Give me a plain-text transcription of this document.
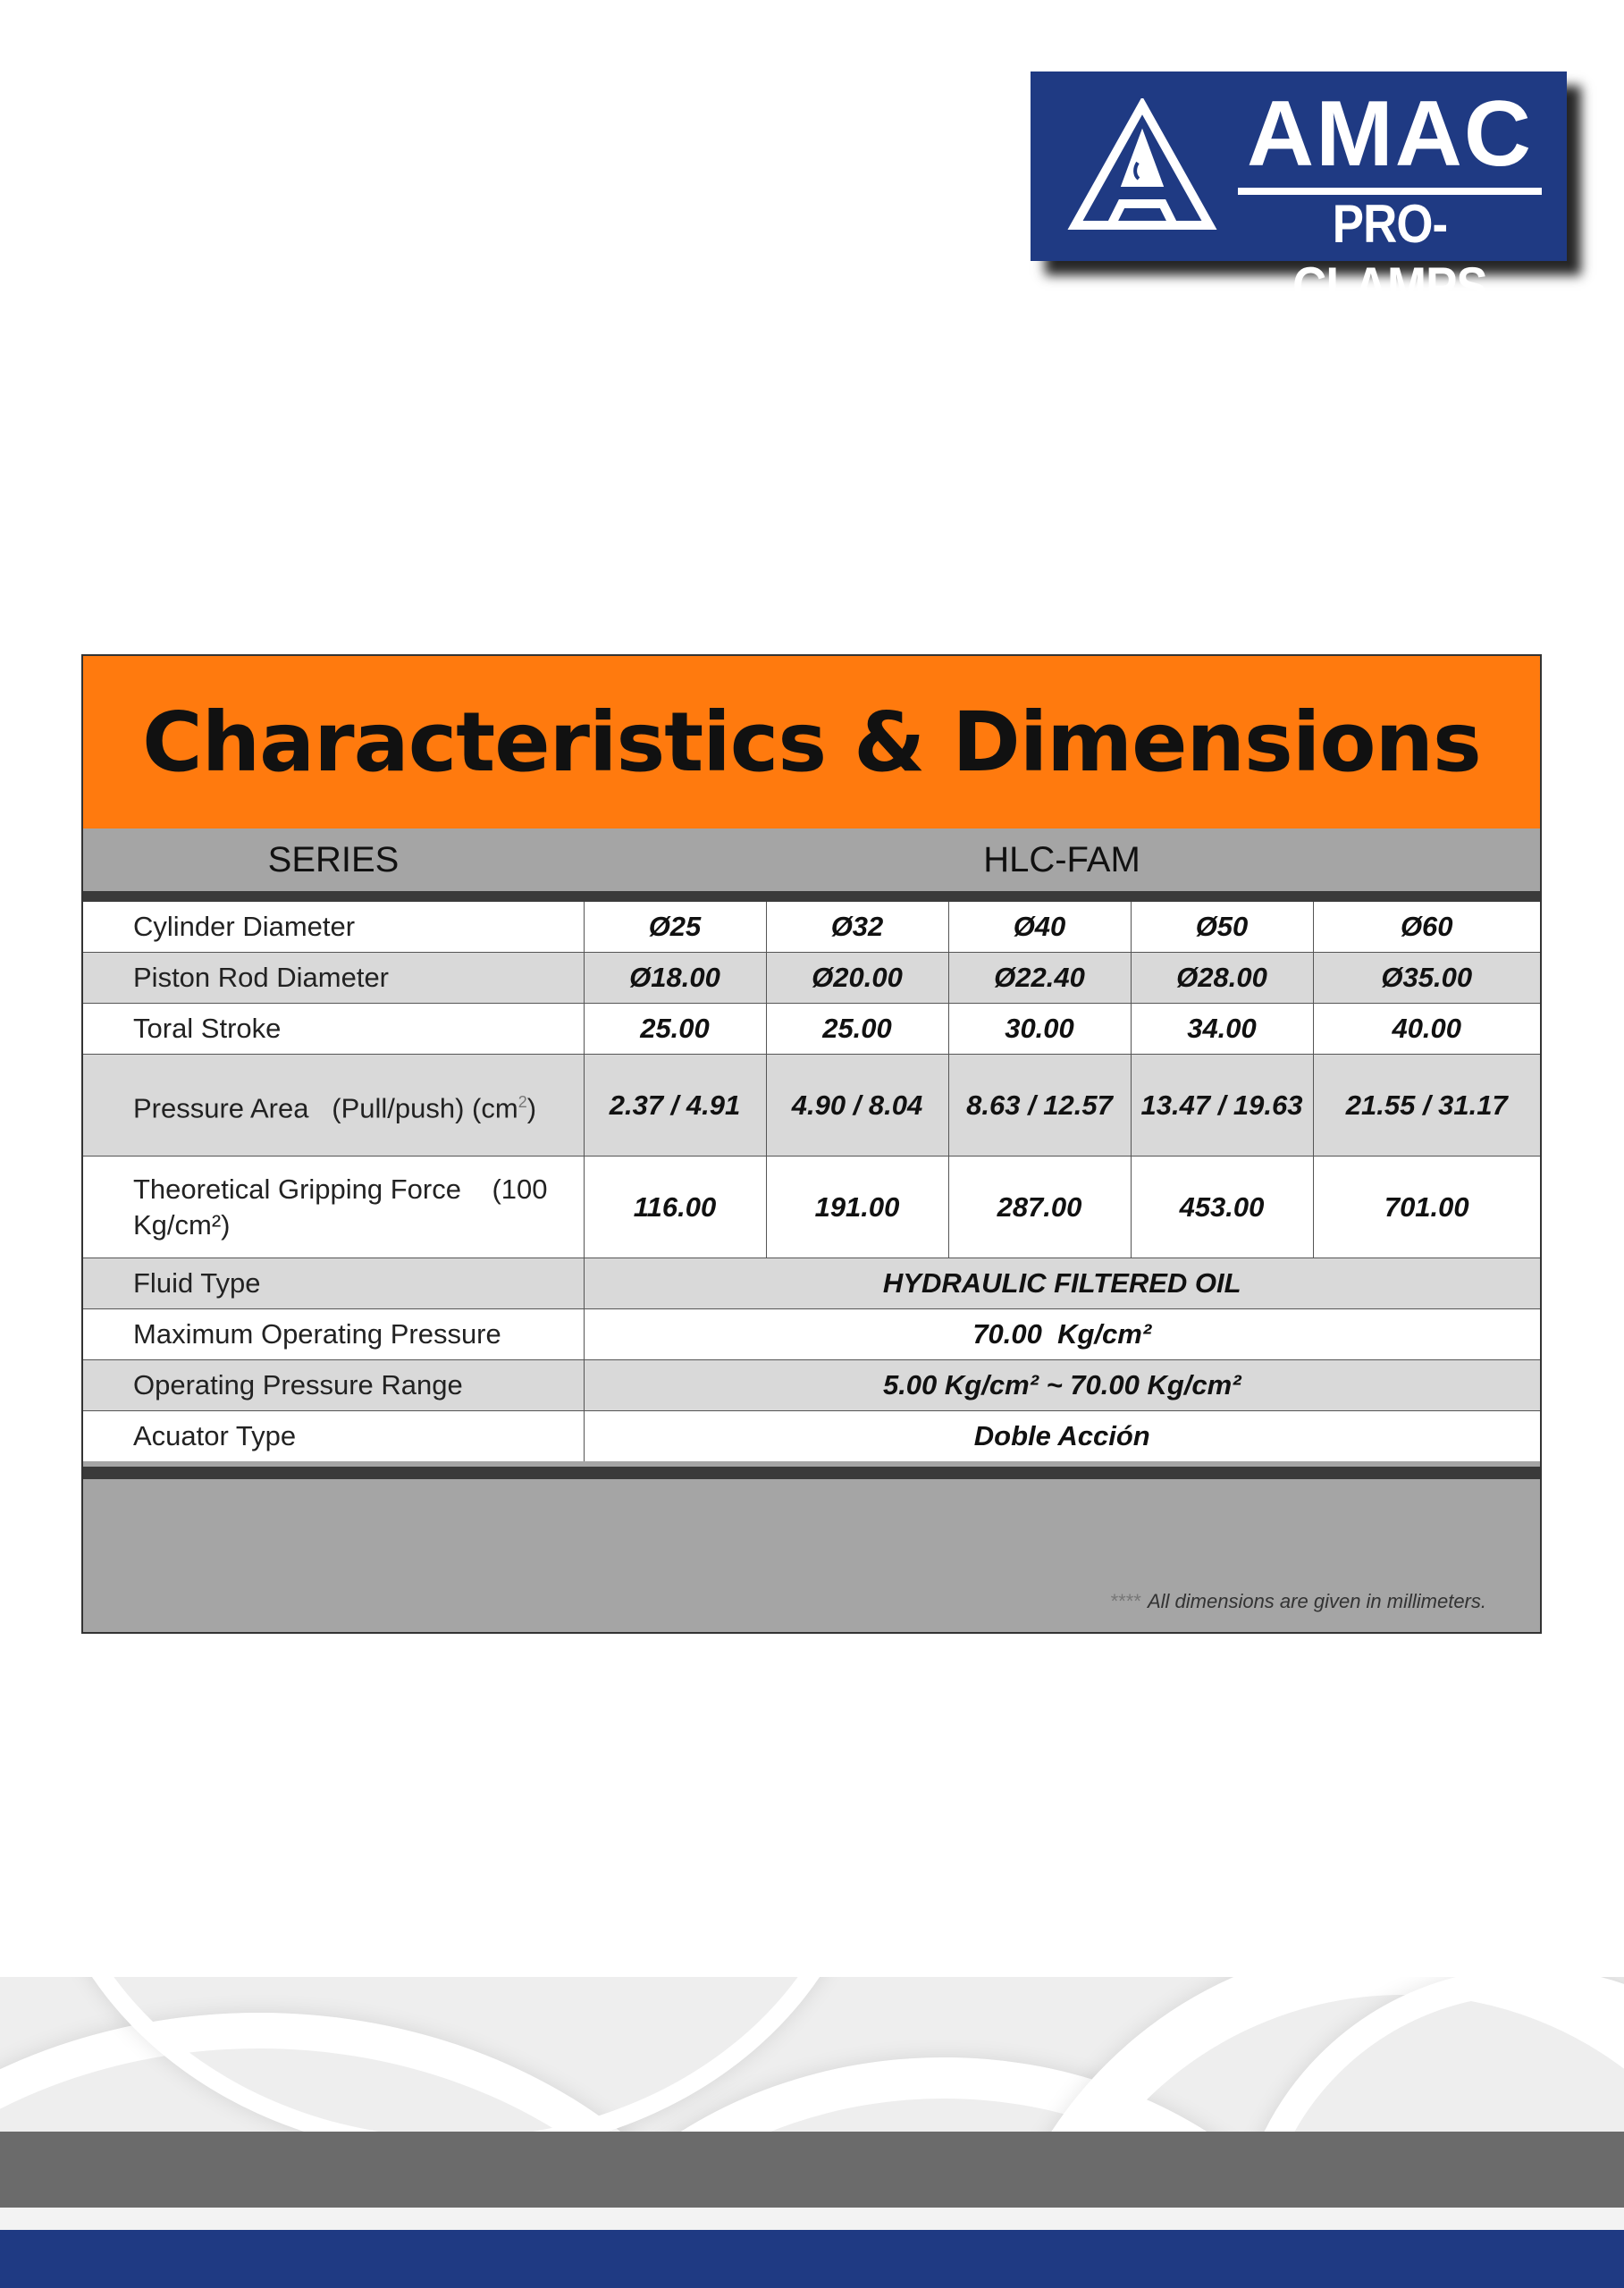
AMAC
PRO-CLAMPS
Characteristics & Dimensions
SERIES	HLC-FAM
Cylinder Diameter	Ø25	Ø32	Ø40	Ø50	Ø60
Piston Rod Diameter	Ø18.00	Ø20.00	Ø22.40	Ø28.00	Ø35.00
Toral Stroke	25.00	25.00	30.00	34.00	40.00
Pressure Area   (Pull/push) $(cm^2)$	2.37 / 4.91	4.90 / 8.04	8.63 / 12.57	13.47 / 19.63	21.55 / 31.17
Theoretical Gripping Force    (100 Kg/cm²)	116.00	191.00	287.00	453.00	701.00
Fluid Type	HYDRAULIC FILTERED OIL				
Maximum Operating Pressure	70.00  Kg/cm²				
Operating Pressure Range	5.00 Kg/cm² ~ 70.00 Kg/cm²				
Acuator Type	Doble Acción				
**** All dimensions are given in millimeters.
